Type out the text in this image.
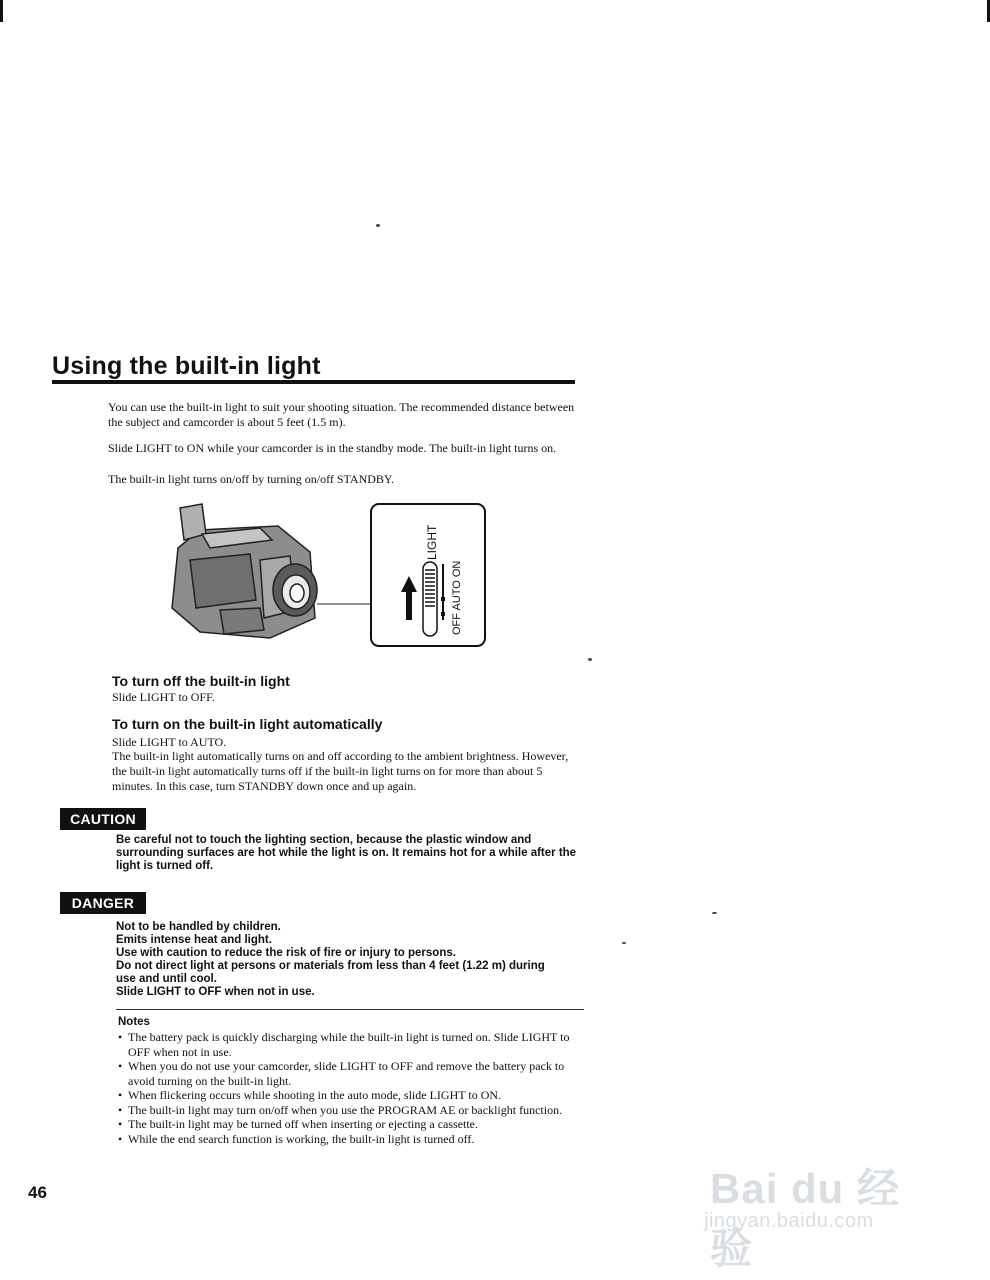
Using the built-in light

You can use the built-in light to suit your shooting situation. The recommended distance between the subject and camcorder is about 5 feet (1.5 m).

Slide LIGHT to ON while your camcorder is in the standby mode. The built-in light turns on.

The built-in light turns on/off by turning on/off STANDBY.

LIGHT
OFF AUTO ON
To turn off the built-in light

Slide LIGHT to OFF.

To turn on the built-in light automatically

Slide LIGHT to AUTO.

The built-in light automatically turns on and off according to the ambient brightness. However, the built-in light automatically turns off if the built-in light turns on for more than about 5 minutes. In this case, turn STANDBY down once and up again.

CAUTION

Be careful not to touch the lighting section, because the plastic window and surrounding surfaces are hot while the light is on. It remains hot for a while after the light is turned off.

DANGER
Not to be handled by children.
Emits intense heat and light.
Use with caution to reduce the risk of fire or injury to persons.
Do not direct light at persons or materials from less than 4 feet (1.22 m) during
use and until cool.
Slide LIGHT to OFF when not in use.
Notes
• The battery pack is quickly discharging while the built-in light is turned on. Slide LIGHT to OFF when not in use.
• When you do not use your camcorder, slide LIGHT to OFF and remove the battery pack to avoid turning on the built-in light.
• When flickering occurs while shooting in the auto mode, slide LIGHT to ON.
• The built-in light may turn on/off when you use the PROGRAM AE or backlight function.
• The built-in light may be turned off when inserting or ejecting a cassette.
• While the end search function is working, the built-in light is turned off.
46	Bai du 经验
jingyan.baidu.com
